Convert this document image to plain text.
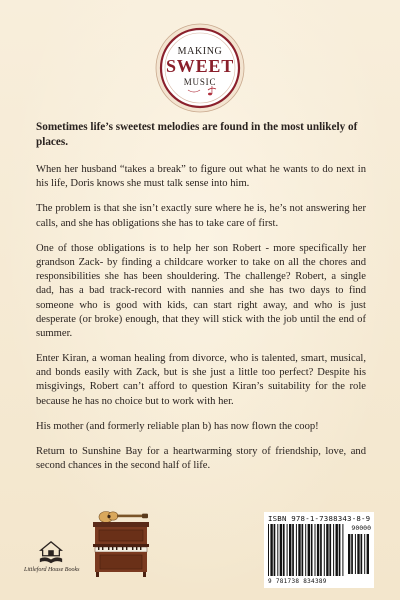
MAKING
SWEET
MUSIC

Sometimes life’s sweetest melodies are found in the most unlikely of places.

When her husband “takes a break” to figure out what he wants to do next in his life, Doris knows she must talk sense into him.

The problem is that she isn’t exactly sure where he is, he’s not answering her calls, and she has obligations she has to take care of first.

One of those obligations is to help her son Robert - more specifically her grandson Zack- by finding a childcare worker to take on all the chores and responsibilities she has been shouldering. The challenge? Robert, a single dad, has a bad track-record with nannies and she has two days to find someone who is good with kids, can start right away, and who is just desperate (or broke) enough, that they will stick with the job until the end of summer.

Enter Kiran, a woman healing from divorce, who is talented, smart, musical, and bonds easily with Zack, but is she just a little too perfect? Despite his misgivings, Robert can’t afford to question Kiran’s suitability for the role because he has no choice but to work with her.

His mother (and formerly reliable plan b) has now flown the coop!

Return to Sunshine Bay for a heartwarming story of friendship, love, and second chances in the second half of life.

Littleford House Books
ISBN 978-1-7388343-8-9
90000
9 781738 834389
